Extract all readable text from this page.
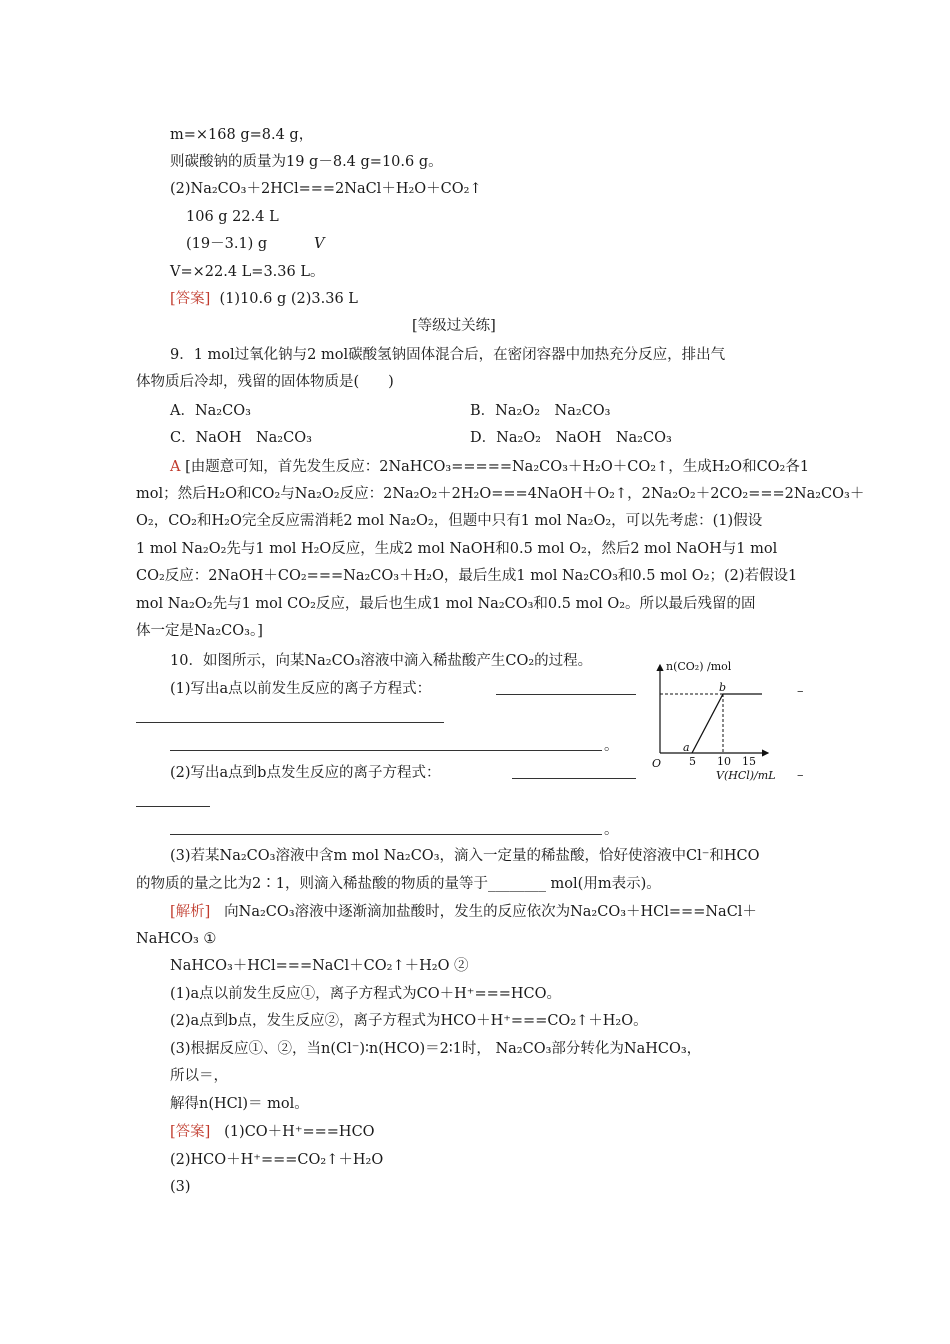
m=×168 g=8.4 g，
则碳酸钠的质量为19 g－8.4 g=10.6 g。
(2)Na₂CO₃＋2HCl===2NaCl＋H₂O＋CO₂↑
106 g 22.4 L
(19－3.1) g	V
V=×22.4 L=3.36 L。
[答案] (1)10.6 g (2)3.36 L
[等级过关练]
9．1 mol过氧化钠与2 mol碳酸氢钠固体混合后，在密闭容器中加热充分反应，排出气
体物质后冷却，残留的固体物质是(　　)
A．Na₂CO₃	B．Na₂O₂　Na₂CO₃
C．NaOH　Na₂CO₃	D．Na₂O₂　NaOH　Na₂CO₃
A [由题意可知，首先发生反应：2NaHCO₃=====Na₂CO₃＋H₂O＋CO₂↑，生成H₂O和CO₂各1
mol；然后H₂O和CO₂与Na₂O₂反应：2Na₂O₂＋2H₂O===4NaOH＋O₂↑，2Na₂O₂＋2CO₂===2Na₂CO₃＋
O₂，CO₂和H₂O完全反应需消耗2 mol Na₂O₂，但题中只有1 mol Na₂O₂，可以先考虑：(1)假设
1 mol Na₂O₂先与1 mol H₂O反应，生成2 mol NaOH和0.5 mol O₂，然后2 mol NaOH与1 mol
CO₂反应：2NaOH＋CO₂===Na₂CO₃＋H₂O，最后生成1 mol Na₂CO₃和0.5 mol O₂；(2)若假设1
mol Na₂O₂先与1 mol CO₂反应，最后也生成1 mol Na₂CO₃和0.5 mol O₂。所以最后残留的固
体一定是Na₂CO₃。]
10．如图所示，向某Na₂CO₃溶液中滴入稀盐酸产生CO₂的过程。
(1)写出a点以前发生反应的离子方程式：	–
。
(2)写出a点到b点发生反应的离子方程式：	–
。
(3)若某Na₂CO₃溶液中含m mol Na₂CO₃，滴入一定量的稀盐酸，恰好使溶液中Cl⁻和HCO
的物质的量之比为2∶1，则滴入稀盐酸的物质的量等于________ mol(用m表示)。
[解析] 向Na₂CO₃溶液中逐渐滴加盐酸时，发生的反应依次为Na₂CO₃＋HCl===NaCl＋
NaHCO₃ ①
NaHCO₃＋HCl===NaCl＋CO₂↑＋H₂O ②
(1)a点以前发生反应①，离子方程式为CO＋H⁺===HCO。
(2)a点到b点，发生反应②，离子方程式为HCO＋H⁺===CO₂↑＋H₂O。
(3)根据反应①、②，当n(Cl⁻)∶n(HCO)＝2∶1时， Na₂CO₃部分转化为NaHCO₃，
所以＝，
解得n(HCl)＝ mol。
[答案] (1)CO＋H⁺===HCO
(2)HCO＋H⁺===CO₂↑＋H₂O
(3)
n(CO₂) /mol
V(HCl)/mL
O
a
b
5 10 15
